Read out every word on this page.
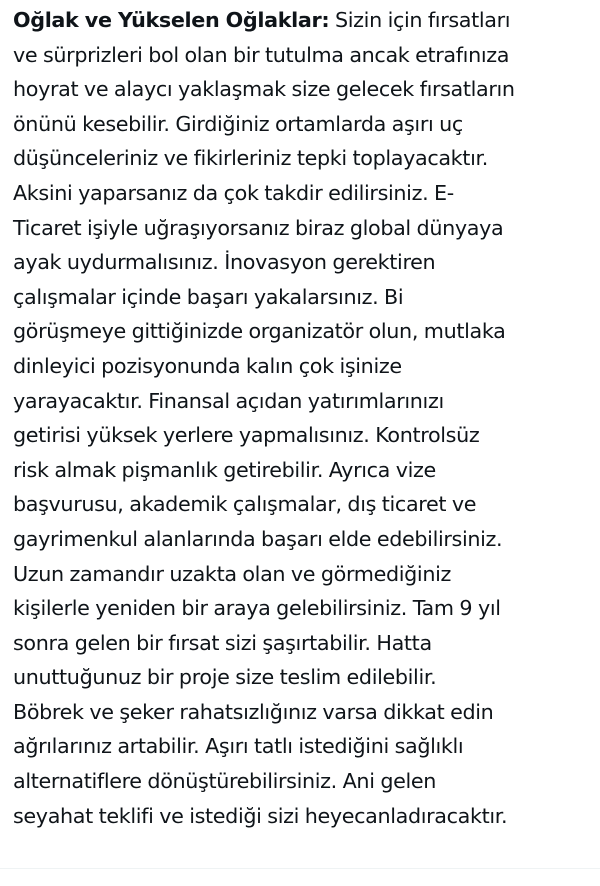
Oğlak ve Yükselen Oğlaklar: Sizin için fırsatları
ve sürprizleri bol olan bir tutulma ancak etrafınıza
hoyrat ve alaycı yaklaşmak size gelecek fırsatların
önünü kesebilir. Girdiğiniz ortamlarda aşırı uç
düşünceleriniz ve fikirleriniz tepki toplayacaktır.
Aksini yaparsanız da çok takdir edilirsiniz. E-
Ticaret işiyle uğraşıyorsanız biraz global dünyaya
ayak uydurmalısınız. İnovasyon gerektiren
çalışmalar içinde başarı yakalarsınız. Bi
görüşmeye gittiğinizde organizatör olun, mutlaka
dinleyici pozisyonunda kalın çok işinize
yarayacaktır. Finansal açıdan yatırımlarınızı
getirisi yüksek yerlere yapmalısınız. Kontrolsüz
risk almak pişmanlık getirebilir. Ayrıca vize
başvurusu, akademik çalışmalar, dış ticaret ve
gayrimenkul alanlarında başarı elde edebilirsiniz.
Uzun zamandır uzakta olan ve görmediğiniz
kişilerle yeniden bir araya gelebilirsiniz. Tam 9 yıl
sonra gelen bir fırsat sizi şaşırtabilir. Hatta
unuttuğunuz bir proje size teslim edilebilir.
Böbrek ve şeker rahatsızlığınız varsa dikkat edin
ağrılarınız artabilir. Aşırı tatlı istediğini sağlıklı
alternatiflere dönüştürebilirsiniz. Ani gelen
seyahat teklifi ve istediği sizi heyecanladıracaktır.
